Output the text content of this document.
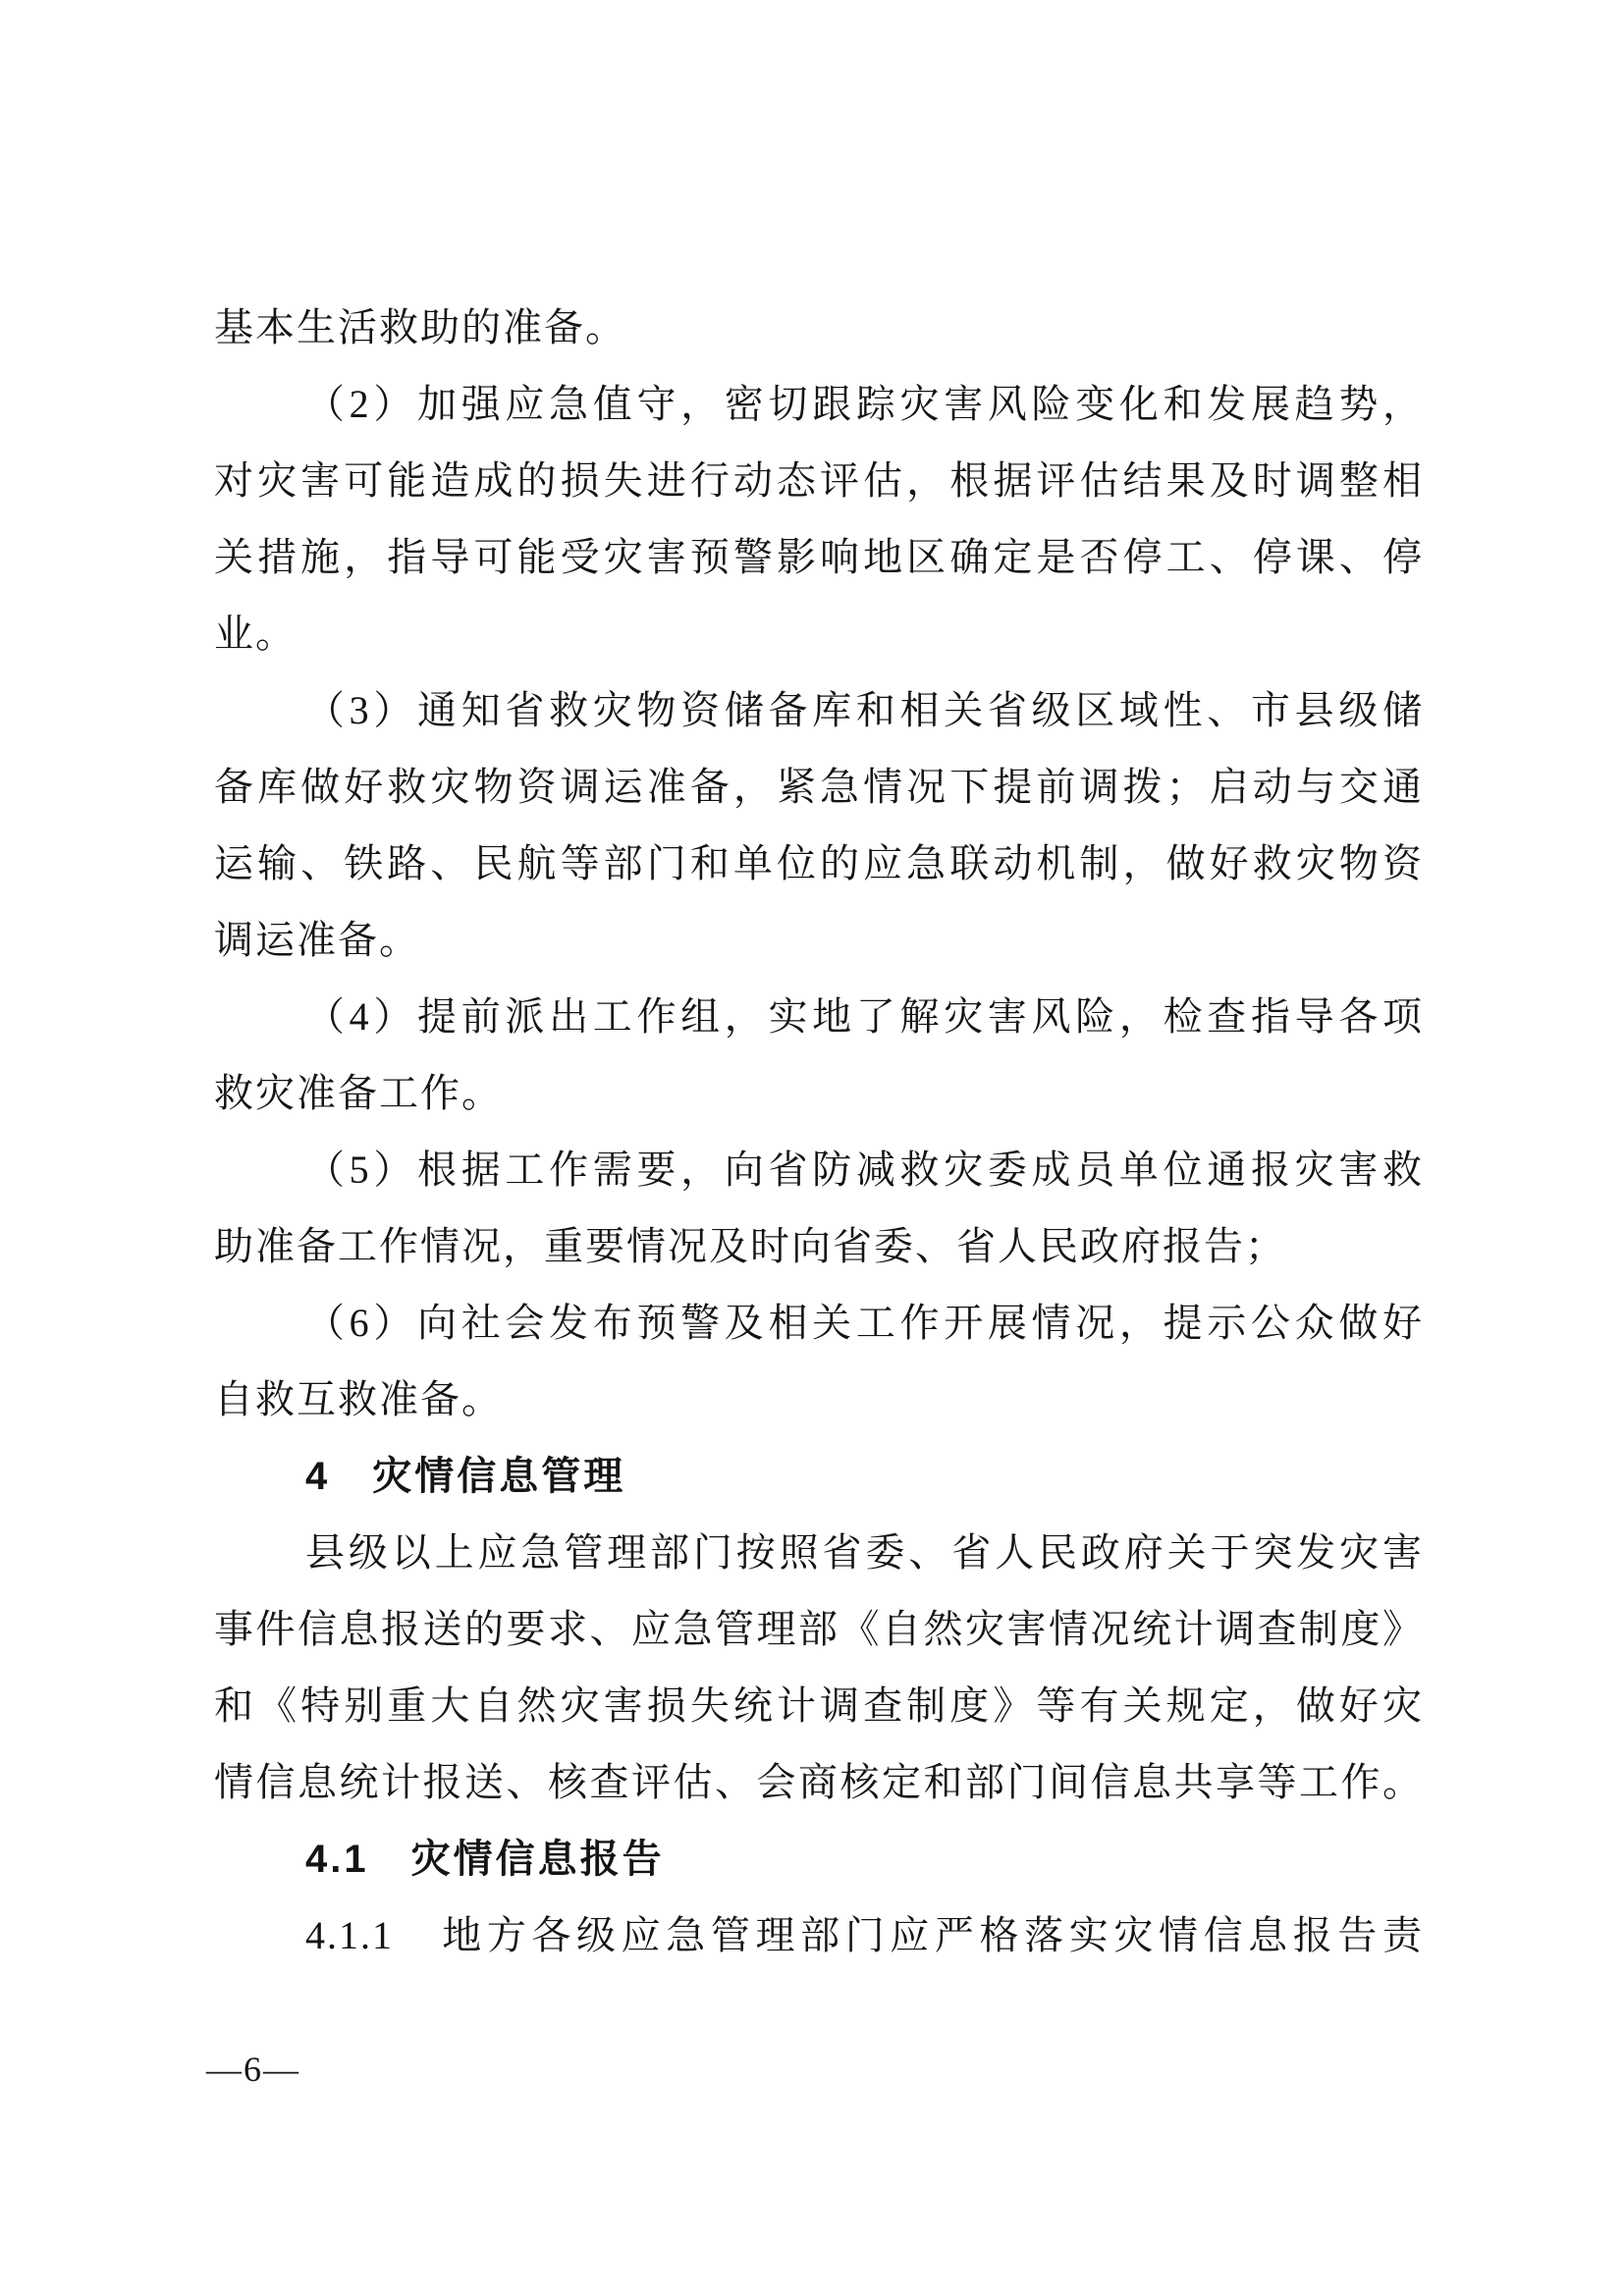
基本生活救助的准备。
（2）加强应急值守，密切跟踪灾害风险变化和发展趋势，
对灾害可能造成的损失进行动态评估，根据评估结果及时调整相
关措施，指导可能受灾害预警影响地区确定是否停工、停课、停
业。
（3）通知省救灾物资储备库和相关省级区域性、市县级储
备库做好救灾物资调运准备，紧急情况下提前调拨；启动与交通
运输、铁路、民航等部门和单位的应急联动机制，做好救灾物资
调运准备。
（4）提前派出工作组，实地了解灾害风险，检查指导各项
救灾准备工作。
（5）根据工作需要，向省防减救灾委成员单位通报灾害救
助准备工作情况，重要情况及时向省委、省人民政府报告；
（6）向社会发布预警及相关工作开展情况，提示公众做好
自救互救准备。
4　灾情信息管理
县级以上应急管理部门按照省委、省人民政府关于突发灾害
事件信息报送的要求、应急管理部《自然灾害情况统计调查制度》
和《特别重大自然灾害损失统计调查制度》等有关规定，做好灾
情信息统计报送、核查评估、会商核定和部门间信息共享等工作。
4.1　灾情信息报告
4.1.1　地方各级应急管理部门应严格落实灾情信息报告责
—6—
